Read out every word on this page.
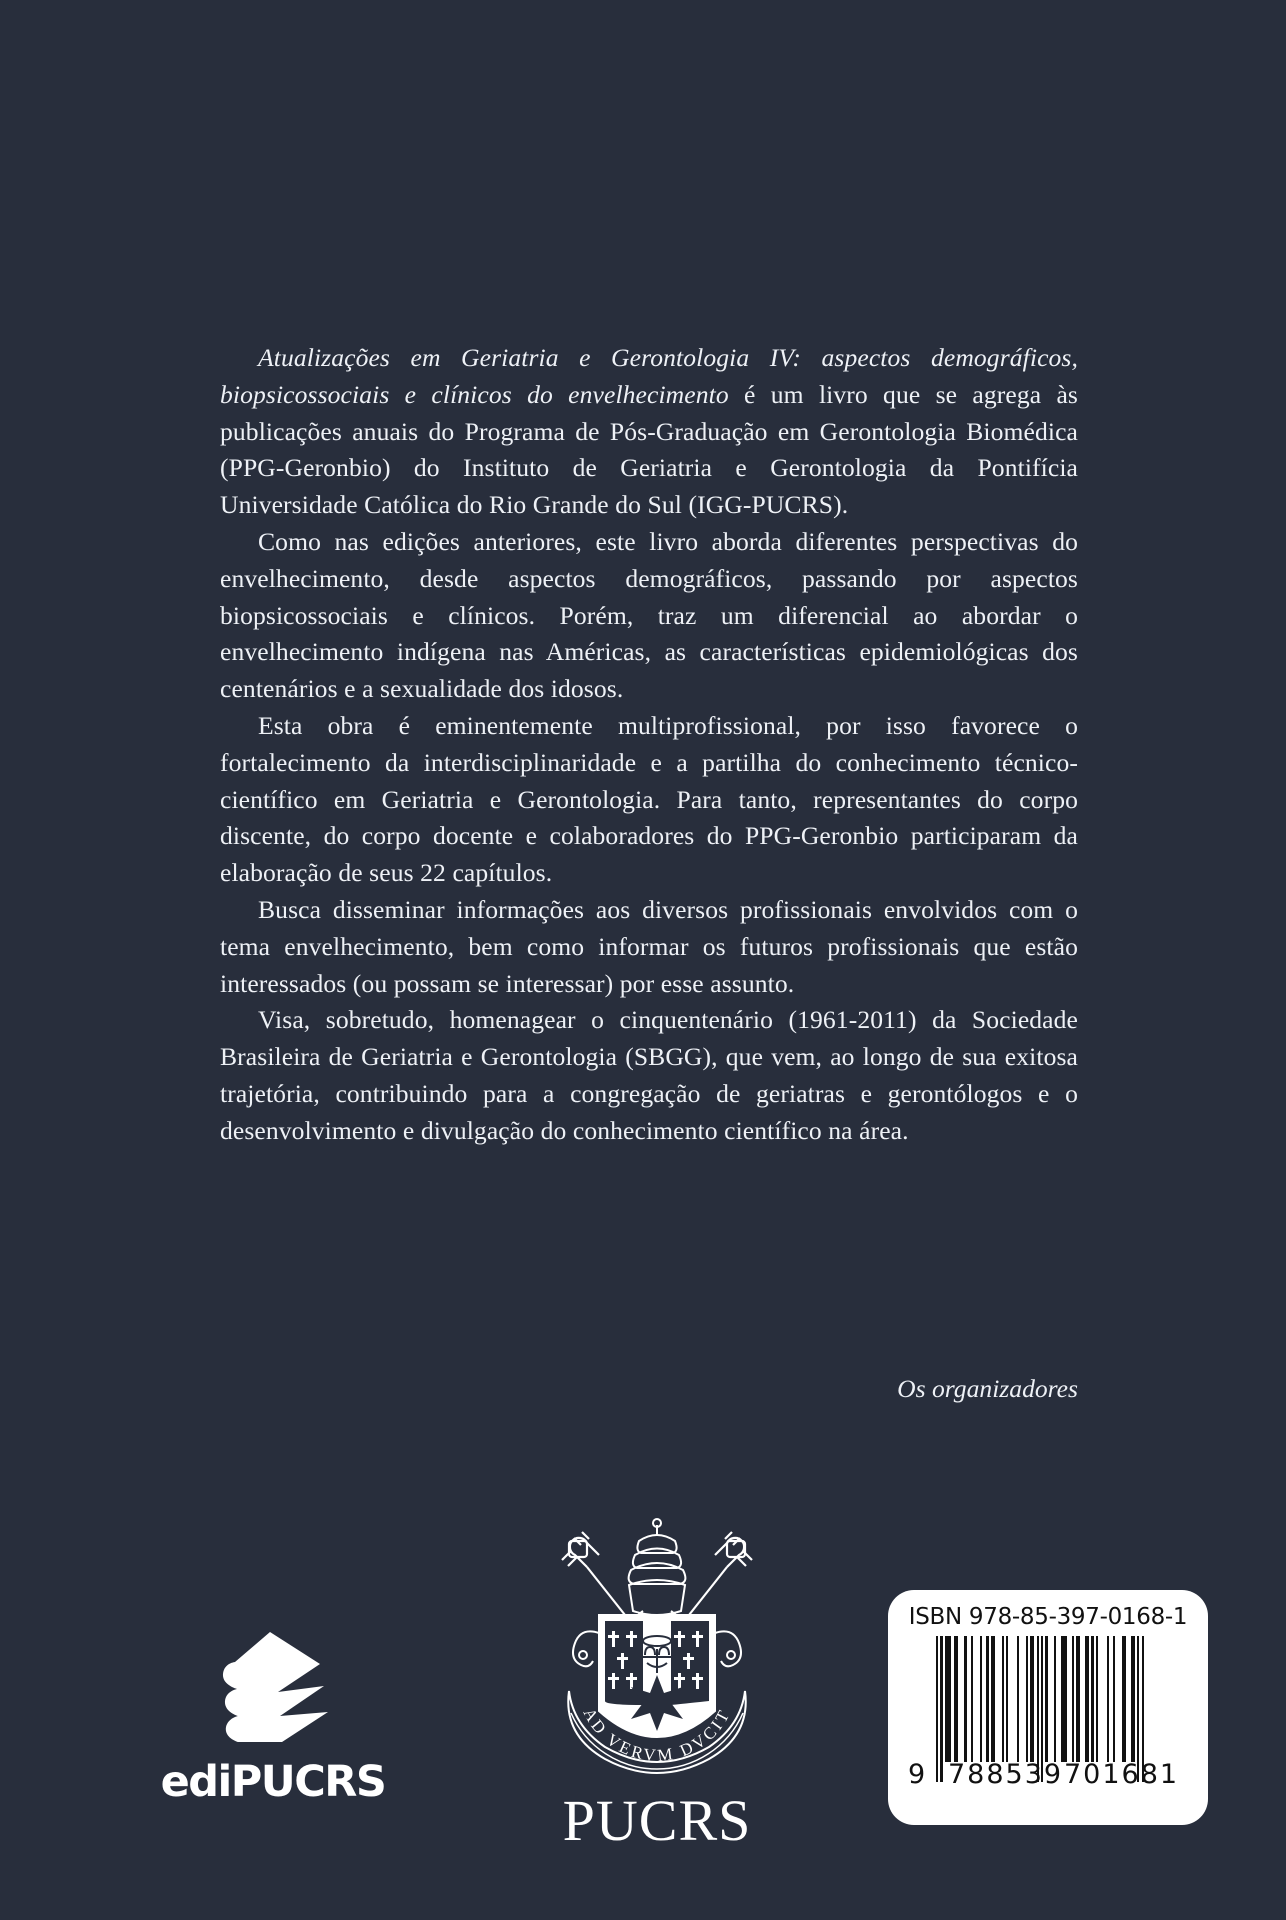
Atualizações em Geriatria e Gerontologia IV: aspectos demográficos, biopsicossociais e clínicos do envelhecimento é um livro que se agrega às publicações anuais do Programa de Pós-Graduação em Gerontologia Biomédica (PPG-Geronbio) do Instituto de Geriatria e Gerontologia da Pontifícia Universidade Católica do Rio Grande do Sul (IGG-PUCRS).

Como nas edições anteriores, este livro aborda diferentes perspectivas do envelhecimento, desde aspectos demográficos, passando por aspectos biopsicossociais e clínicos. Porém, traz um diferencial ao abordar o envelhecimento indígena nas Américas, as características epidemiológicas dos centenários e a sexualidade dos idosos.

Esta obra é eminentemente multiprofissional, por isso favorece o fortalecimento da interdisciplinaridade e a partilha do conhecimento técnico-científico em Geriatria e Gerontologia. Para tanto, representantes do corpo discente, do corpo docente e colaboradores do PPG-Geronbio participaram da elaboração de seus 22 capítulos.

Busca disseminar informações aos diversos profissionais envolvidos com o tema envelhecimento, bem como informar os futuros profissionais que estão interessados (ou possam se interessar) por esse assunto.

Visa, sobretudo, homenagear o cinquentenário (1961-2011) da Sociedade Brasileira de Geriatria e Gerontologia (SBGG), que vem, ao longo de sua exitosa trajetória, contribuindo para a congregação de geriatras e gerontólogos e o desenvolvimento e divulgação do conhecimento científico na área.

Os organizadores
ediPUCRS
AD VERVM DVCIT
PUCRS
ISBN 978-85-397-0168-1
9 788539 701681
